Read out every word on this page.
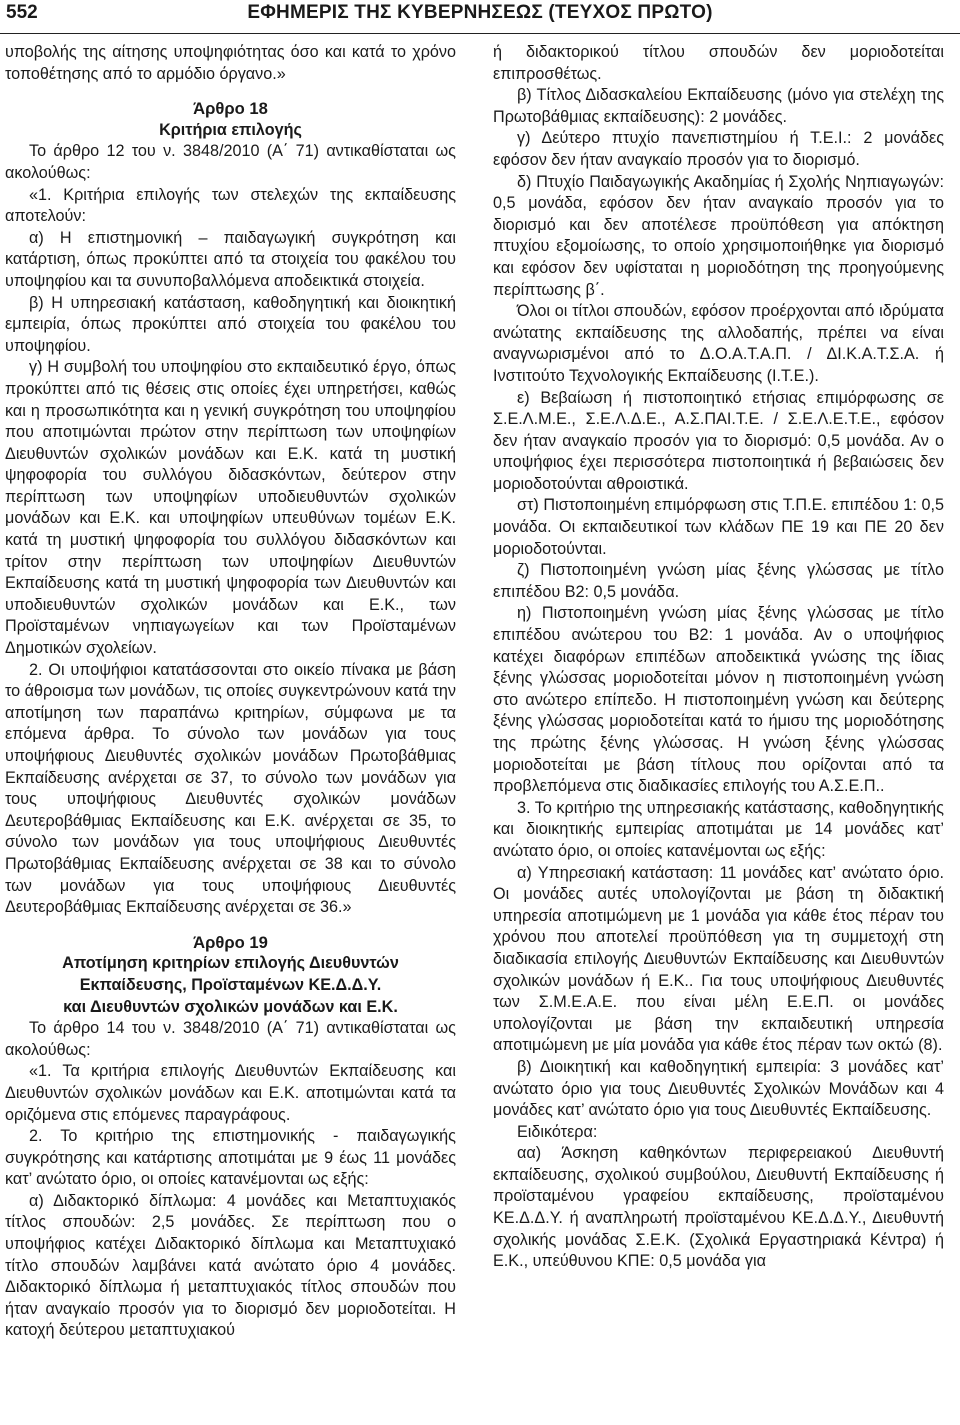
552	ΕΦΗΜΕΡΙΣ ΤΗΣ ΚΥΒΕΡΝΗΣΕΩΣ (ΤΕΥΧΟΣ ΠΡΩΤΟ)

υποβολής της αίτησης υποψηφιότητας όσο και κατά το χρόνο τοποθέτησης από το αρμόδιο όργανο.»

Άρθρο 18

Κριτήρια επιλογής

Το άρθρο 12 του ν. 3848/2010 (Α΄ 71) αντικαθίσταται ως ακολούθως:

«1. Κριτήρια επιλογής των στελεχών της εκπαίδευσης αποτελούν:

α) Η επιστημονική – παιδαγωγική συγκρότηση και κατάρτιση, όπως προκύπτει από τα στοιχεία του φακέλου του υποψηφίου και τα συνυποβαλλόμενα αποδεικτικά στοιχεία.

β) Η υπηρεσιακή κατάσταση, καθοδηγητική και διοικητική εμπειρία, όπως προκύπτει από στοιχεία του φακέλου του υποψηφίου.

γ) Η συμβολή του υποψηφίου στο εκπαιδευτικό έργο, όπως προκύπτει από τις θέσεις στις οποίες έχει υπηρετήσει, καθώς και η προσωπικότητα και η γενική συγκρότηση του υποψηφίου που αποτιμώνται πρώτον στην περίπτωση των υποψηφίων Διευθυντών σχολικών μονάδων και Ε.Κ. κατά τη μυστική ψηφοφορία του συλλόγου διδασκόντων, δεύτερον στην περίπτωση των υποψηφίων υποδιευθυντών σχολικών μονάδων και Ε.Κ. και υποψηφίων υπευθύνων τομέων Ε.Κ. κατά τη μυστική ψηφοφορία του συλλόγου διδασκόντων και τρίτον στην περίπτωση των υποψηφίων Διευθυντών Εκπαίδευσης κατά τη μυστική ψηφοφορία των Διευθυντών και υποδιευθυντών σχολικών μονάδων και Ε.Κ., των Προϊσταμένων νηπιαγωγείων και των Προϊσταμένων Δημοτικών σχολείων.

2. Οι υποψήφιοι κατατάσσονται στο οικείο πίνακα με βάση το άθροισμα των μονάδων, τις οποίες συγκεντρώνουν κατά την αποτίμηση των παραπάνω κριτηρίων, σύμφωνα με τα επόμενα άρθρα. Το σύνολο των μονάδων για τους υποψήφιους Διευθυντές σχολικών μονάδων Πρωτοβάθμιας Εκπαίδευσης ανέρχεται σε 37, το σύνολο των μονάδων για τους υποψήφιους Διευθυντές σχολικών μονάδων Δευτεροβάθμιας Εκπαίδευσης και Ε.Κ. ανέρχεται σε 35, το σύνολο των μονάδων για τους υποψήφιους Διευθυντές Πρωτοβάθμιας Εκπαίδευσης ανέρχεται σε 38 και το σύνολο των μονάδων για τους υποψήφιους Διευθυντές Δευτεροβάθμιας Εκπαίδευσης ανέρχεται σε 36.»

Άρθρο 19

Αποτίμηση κριτηρίων επιλογής Διευθυντών

Εκπαίδευσης, Προϊσταμένων ΚΕ.Δ.Δ.Υ.

και Διευθυντών σχολικών μονάδων και Ε.Κ.

Το άρθρο 14 του ν. 3848/2010 (Α΄ 71) αντικαθίσταται ως ακολούθως:

«1. Τα κριτήρια επιλογής Διευθυντών Εκπαίδευσης και Διευθυντών σχολικών μονάδων και Ε.Κ. αποτιμώνται κατά τα οριζόμενα στις επόμενες παραγράφους.

2. Το κριτήριο της επιστημονικής - παιδαγωγικής συγκρότησης και κατάρτισης αποτιμάται με 9 έως 11 μονάδες κατ’ ανώτατο όριο, οι οποίες κατανέμονται ως εξής:

α) Διδακτορικό δίπλωμα: 4 μονάδες και Μεταπτυχιακός τίτλος σπουδών: 2,5 μονάδες. Σε περίπτωση που ο υποψήφιος κατέχει Διδακτορικό δίπλωμα και Μεταπτυχιακό τίτλο σπουδών λαμβάνει κατά ανώτατο όριο 4 μονάδες. Διδακτορικό δίπλωμα ή μεταπτυχιακός τίτλος σπουδών που ήταν αναγκαίο προσόν για το διορισμό δεν μοριοδοτείται. Η κατοχή δεύτερου μεταπτυχιακού

ή διδακτορικού τίτλου σπουδών δεν μοριοδοτείται επιπροσθέτως.

β) Τίτλος Διδασκαλείου Εκπαίδευσης (μόνο για στελέχη της Πρωτοβάθμιας εκπαίδευσης): 2 μονάδες.

γ) Δεύτερο πτυχίο πανεπιστημίου ή Τ.Ε.Ι.: 2 μονάδες εφόσον δεν ήταν αναγκαίο προσόν για το διορισμό.

δ) Πτυχίο Παιδαγωγικής Ακαδημίας ή Σχολής Νηπιαγωγών: 0,5 μονάδα, εφόσον δεν ήταν αναγκαίο προσόν για το διορισμό και δεν αποτέλεσε προϋπόθεση για απόκτηση πτυχίου εξομοίωσης, το οποίο χρησιμοποιήθηκε για διορισμό και εφόσον δεν υφίσταται η μοριοδότηση της προηγούμενης περίπτωσης β΄.

Όλοι οι τίτλοι σπουδών, εφόσον προέρχονται από ιδρύματα ανώτατης εκπαίδευσης της αλλοδαπής, πρέπει να είναι αναγνωρισμένοι από το Δ.Ο.Α.Τ.Α.Π. / ΔΙ.Κ.Α.Τ.Σ.Α. ή Ινστιτούτο Τεχνολογικής Εκπαίδευσης (Ι.Τ.Ε.).

ε) Βεβαίωση ή πιστοποιητικό ετήσιας επιμόρφωσης σε Σ.Ε.Λ.Μ.Ε., Σ.Ε.Λ.Δ.Ε., Α.Σ.ΠΑΙ.Τ.Ε. / Σ.Ε.Λ.Ε.Τ.Ε., εφόσον δεν ήταν αναγκαίο προσόν για το διορισμό: 0,5 μονάδα. Αν ο υποψήφιος έχει περισσότερα πιστοποιητικά ή βεβαιώσεις δεν μοριοδοτούνται αθροιστικά.

στ) Πιστοποιημένη επιμόρφωση στις Τ.Π.Ε. επιπέδου 1: 0,5 μονάδα. Οι εκπαιδευτικοί των κλάδων ΠΕ 19 και ΠΕ 20 δεν μοριοδοτούνται.

ζ) Πιστοποιημένη γνώση μίας ξένης γλώσσας με τίτλο επιπέδου Β2: 0,5 μονάδα.

η) Πιστοποιημένη γνώση μίας ξένης γλώσσας με τίτλο επιπέδου ανώτερου του Β2: 1 μονάδα. Αν ο υποψήφιος κατέχει διαφόρων επιπέδων αποδεικτικά γνώσης της ίδιας ξένης γλώσσας μοριοδοτείται μόνον η πιστοποιημένη γνώση στο ανώτερο επίπεδο. Η πιστοποιημένη γνώση και δεύτερης ξένης γλώσσας μοριοδοτείται κατά το ήμισυ της μοριοδότησης της πρώτης ξένης γλώσσας. Η γνώση ξένης γλώσσας μοριοδοτείται με βάση τίτλους που ορίζονται από τα προβλεπόμενα στις διαδικασίες επιλογής του Α.Σ.Ε.Π..

3. Το κριτήριο της υπηρεσιακής κατάστασης, καθοδηγητικής και διοικητικής εμπειρίας αποτιμάται με 14 μονάδες κατ’ ανώτατο όριο, οι οποίες κατανέμονται ως εξής:

α) Υπηρεσιακή κατάσταση: 11 μονάδες κατ’ ανώτατο όριο. Οι μονάδες αυτές υπολογίζονται με βάση τη διδακτική υπηρεσία αποτιμώμενη με 1 μονάδα για κάθε έτος πέραν του χρόνου που αποτελεί προϋπόθεση για τη συμμετοχή στη διαδικασία επιλογής Διευθυντών Εκπαίδευσης και Διευθυντών σχολικών μονάδων ή Ε.Κ.. Για τους υποψήφιους Διευθυντές των Σ.Μ.Ε.Α.Ε. που είναι μέλη Ε.Ε.Π. οι μονάδες υπολογίζονται με βάση την εκπαιδευτική υπηρεσία αποτιμώμενη με μία μονάδα για κάθε έτος πέραν των οκτώ (8).

β) Διοικητική και καθοδηγητική εμπειρία: 3 μονάδες κατ’ ανώτατο όριο για τους Διευθυντές Σχολικών Μονάδων και 4 μονάδες κατ’ ανώτατο όριο για τους Διευθυντές Εκπαίδευσης.

Ειδικότερα:

αα) Άσκηση καθηκόντων περιφερειακού Διευθυντή εκπαίδευσης, σχολικού συμβούλου, Διευθυντή Εκπαίδευσης ή προϊσταμένου γραφείου εκπαίδευσης, προϊσταμένου ΚΕ.Δ.Δ.Υ. ή αναπληρωτή προϊσταμένου ΚΕ.Δ.Δ.Υ., Διευθυντή σχολικής μονάδας Σ.Ε.Κ. (Σχολικά Εργαστηριακά Κέντρα) ή Ε.Κ., υπεύθυνου ΚΠΕ: 0,5 μονάδα για
